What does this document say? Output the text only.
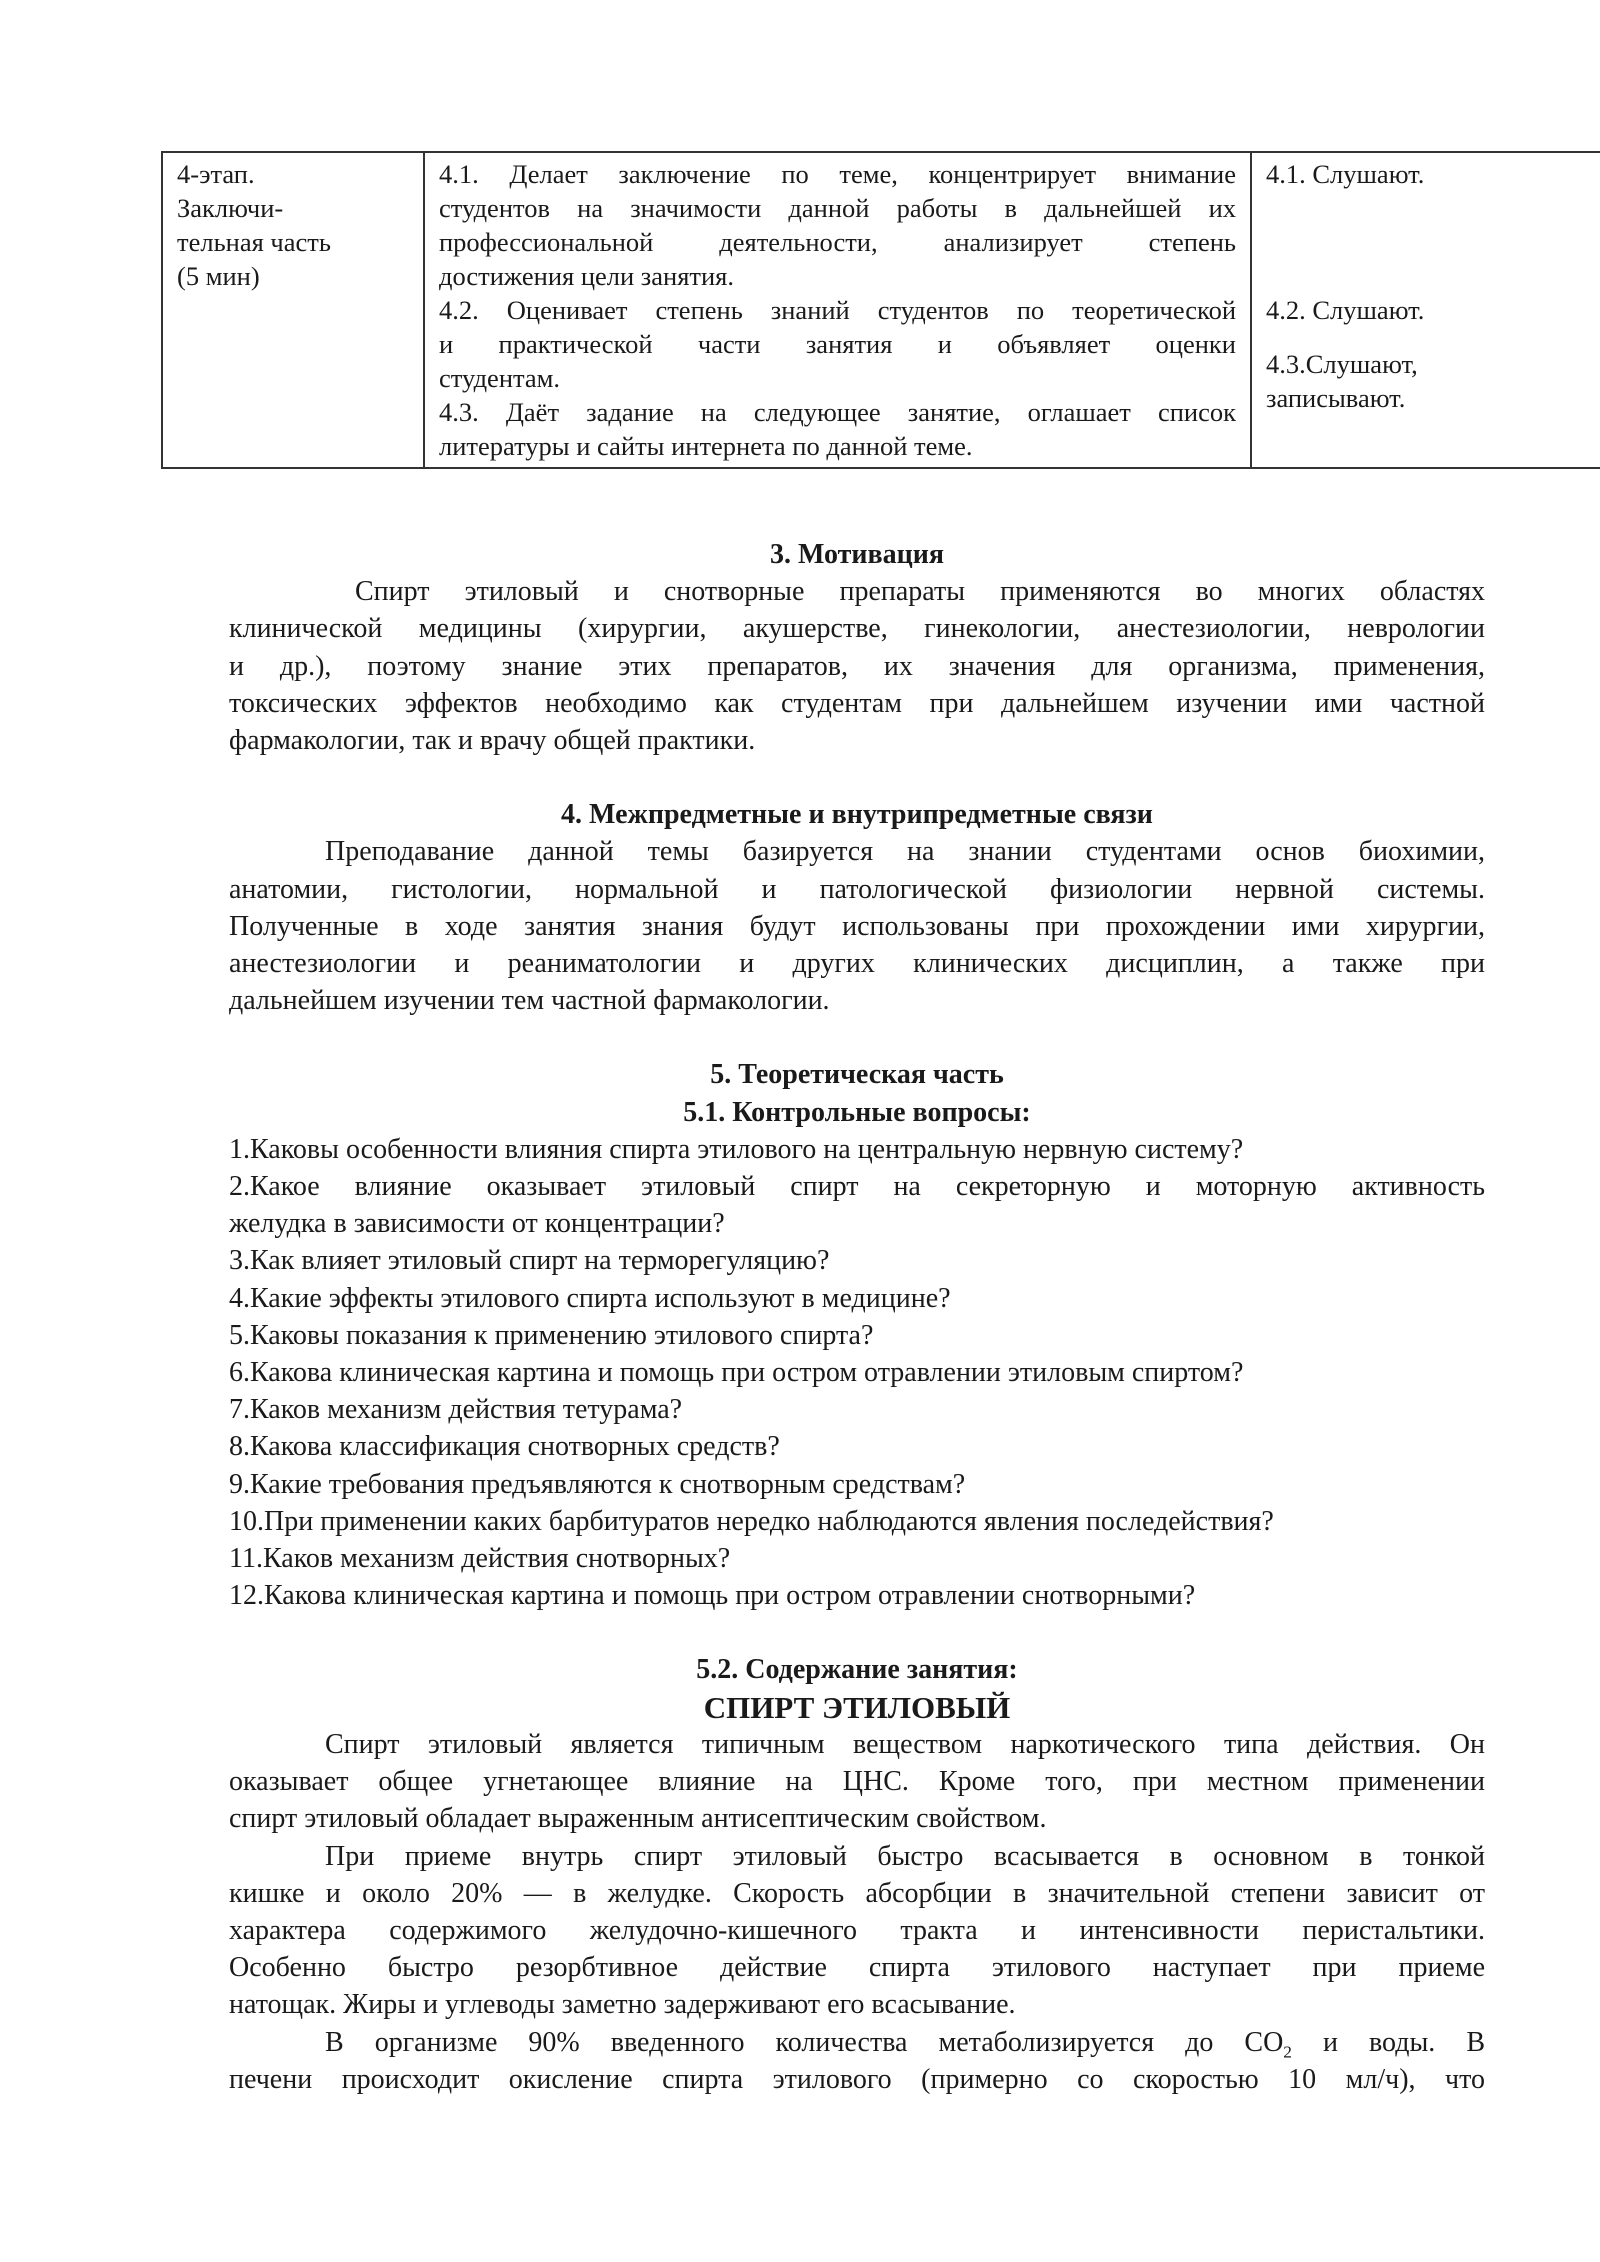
4-этап.
Заключи-
тельная часть
(5 мин)

4.1. Делает заключение по теме, концентрирует внимание
студентов на значимости данной работы в дальнейшей их
профессиональной деятельности, анализирует степень
достижения цели занятия.
4.2. Оценивает степень знаний студентов по теоретической
и практической части занятия и объявляет оценки
студентам.
4.3. Даёт задание на следующее занятие, оглашает список
литературы и сайты интернета по данной теме.

4.1. Слушают.
4.2. Слушают.
4.3.Слушают,
записывают.

3. Мотивация

Спирт этиловый и снотворные препараты применяются во многих областях
клинической медицины (хирургии, акушерстве, гинекологии, анестезиологии, неврологии
и др.), поэтому знание этих препаратов, их значения для организма, применения,
токсических эффектов необходимо как студентам при дальнейшем изучении ими частной
фармакологии, так и врачу общей практики.

4. Межпредметные и внутрипредметные связи

Преподавание данной темы базируется на знании студентами основ биохимии,
анатомии, гистологии, нормальной и патологической физиологии нервной системы.
Полученные в ходе занятия знания будут использованы при прохождении ими хирургии,
анестезиологии и реаниматологии и других клинических дисциплин, а также при
дальнейшем изучении тем частной фармакологии.

5. Теоретическая часть

5.1. Контрольные вопросы:

1.Каковы особенности влияния спирта этилового на центральную нервную систему?
2.Какое влияние оказывает этиловый спирт на секреторную и моторную активность
желудка в зависимости от концентрации?
3.Как влияет этиловый спирт на терморегуляцию?
4.Какие эффекты этилового спирта используют в медицине?
5.Каковы показания к применению этилового спирта?
6.Какова клиническая картина и помощь при остром отравлении этиловым спиртом?
7.Каков механизм действия тетурама?
8.Какова классификация снотворных средств?
9.Какие требования предъявляются к снотворным средствам?
10.При применении каких барбитуратов нередко наблюдаются явления последействия?
11.Каков механизм действия снотворных?
12.Какова клиническая картина и помощь при остром отравлении снотворными?

5.2. Содержание занятия:

СПИРТ ЭТИЛОВЫЙ

Спирт этиловый является типичным веществом наркотического типа действия. Он
оказывает общее угнетающее влияние на ЦНС. Кроме того, при местном применении
спирт этиловый обладает выраженным антисептическим свойством.

При приеме внутрь спирт этиловый быстро всасывается в основном в тонкой
кишке и около 20% — в желудке. Скорость абсорбции в значительной степени зависит от
характера содержимого желудочно-кишечного тракта и интенсивности перистальтики.
Особенно быстро резорбтивное действие спирта этилового наступает при приеме
натощак. Жиры и углеводы заметно задерживают его всасывание.

В организме 90% введенного количества метаболизируется до $CO_2$ и воды. В
печени происходит окисление спирта этилового (примерно со скоростью 10 мл/ч), что
